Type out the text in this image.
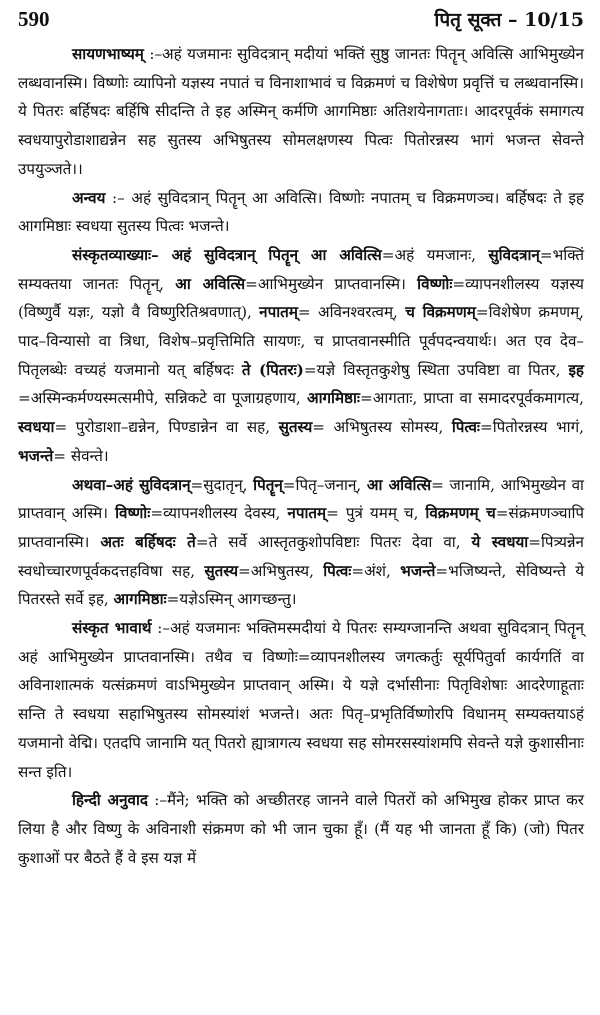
590	पितृ सूक्त – 10/15

सायणभाष्यम् :–अहं यजमानः सुविदत्रान् मदीयां भक्तिं सुष्ठु जानतः पितॄन् अवित्सि आभिमुख्येन लब्धवानस्मि। विष्णोः व्यापिनो यज्ञस्य नपातं च विनाशाभावं च विक्रमणं च विशेषेण प्रवृत्तिं च लब्धवानस्मि। ये पितरः बर्हिषदः बर्हिषि सीदन्ति ते इह अस्मिन् कर्मणि आगमिष्ठाः अतिशयेनागताः। आदरपूर्वकं समागत्य स्वधयापुरोडाशाद्यन्नेन सह सुतस्य अभिषुतस्य सोमलक्षणस्य पित्वः पितोरन्नस्य भागं भजन्त सेवन्ते उपयुञ्जते।।

अन्वय :– अहं सुविदत्रान् पितॄन् आ अवित्सि। विष्णोः नपातम् च विक्रमणञ्च। बर्हिषदः ते इह आगमिष्ठाः स्वधया सुतस्य पित्वः भजन्ते।

संस्कृतव्याख्याः– अहं सुविदत्रान् पितॄन् आ अवित्सि=अहं यमजानः, सुविदत्रान्=भक्तिं सम्यक्तया जानतः पितॄन्, आ अवित्सि=आभिमुख्येन प्राप्तवानस्मि। विष्णोः=व्यापनशीलस्य यज्ञस्य (विष्णुर्वै यज्ञः, यज्ञो वै विष्णुरितिश्रवणात्), नपातम्= अविनश्वरत्वम्, च विक्रमणम्=विशेषेण क्रमणम्, पाद–विन्यासो वा त्रिधा, विशेष–प्रवृत्तिमिति सायणः, च प्राप्तवानस्मीति पूर्वपदन्वयार्थः। अत एव देव–पितृलब्धेः वच्यहं यजमानो यत् बर्हिषदः ते (पितरः)=यज्ञे विस्तृतकुशेषु स्थिता उपविष्टा वा पितर, इह =अस्मिन्कर्मण्यस्मत्समीपे, सन्निकटे वा पूजाग्रहणाय, आगमिष्ठाः=आगताः, प्राप्ता वा समादरपूर्वकमागत्य, स्वधया= पुरोडाशा–द्यन्नेन, पिण्डान्नेन वा सह, सुतस्य= अभिषुतस्य सोमस्य, पित्वः=पितोरन्नस्य भागं, भजन्ते= सेवन्ते।

अथवा–अहं सुविदत्रान्=सुदातृन्, पितॄन्=पितृ–जनान्, आ अवित्सि= जानामि, आभिमुख्येन वा प्राप्तवान् अस्मि। विष्णोः=व्यापनशीलस्य देवस्य, नपातम्= पुत्रं यमम् च, विक्रमणम् च=संक्रमणञ्चापि प्राप्तवानस्मि। अतः बर्हिषदः ते=ते सर्वे आस्तृतकुशोपविष्टाः पितरः देवा वा, ये स्वधया=पित्र्यन्नेन स्वधोच्चारणपूर्वकदत्तहविषा सह, सुतस्य=अभिषुतस्य, पित्वः=अंशं, भजन्ते=भजिष्यन्ते, सेविष्यन्ते ये पितरस्ते सर्वे इह, आगमिष्ठाः=यज्ञेऽस्मिन् आगच्छन्तु।

संस्कृत भावार्थ :–अहं यजमानः भक्तिमस्मदीयां ये पितरः सम्यग्जानन्ति अथवा सुविदत्रान् पितॄन् अहं आभिमुख्येन प्राप्तवानस्मि। तथैव च विष्णोः=व्यापनशीलस्य जगत्कर्तुः सूर्यपितुर्वा कार्यगतिं वा अविनाशात्मकं यत्संक्रमणं वाऽभिमुख्येन प्राप्तवान् अस्मि। ये यज्ञे दर्भासीनाः पितृविशेषाः आदरेणाहूताः सन्ति ते स्वधया सहाभिषुतस्य सोमस्यांशं भजन्ते। अतः पितृ–प्रभृतिर्विष्णोरपि विधानम् सम्यक्तयाऽहं यजमानो वेद्मि। एतदपि जानामि यत् पितरो ह्यात्रागत्य स्वधया सह सोमरसस्यांशमपि सेवन्ते यज्ञे कुशासीनाः सन्त इति।

हिन्दी अनुवाद :–मैंने; भक्ति को अच्छीतरह जानने वाले पितरों को अभिमुख होकर प्राप्त कर लिया है और विष्णु के अविनाशी संक्रमण को भी जान चुका हूँ। (मैं यह भी जानता हूँ कि) (जो) पितर कुशाओं पर बैठते हैं वे इस यज्ञ में
